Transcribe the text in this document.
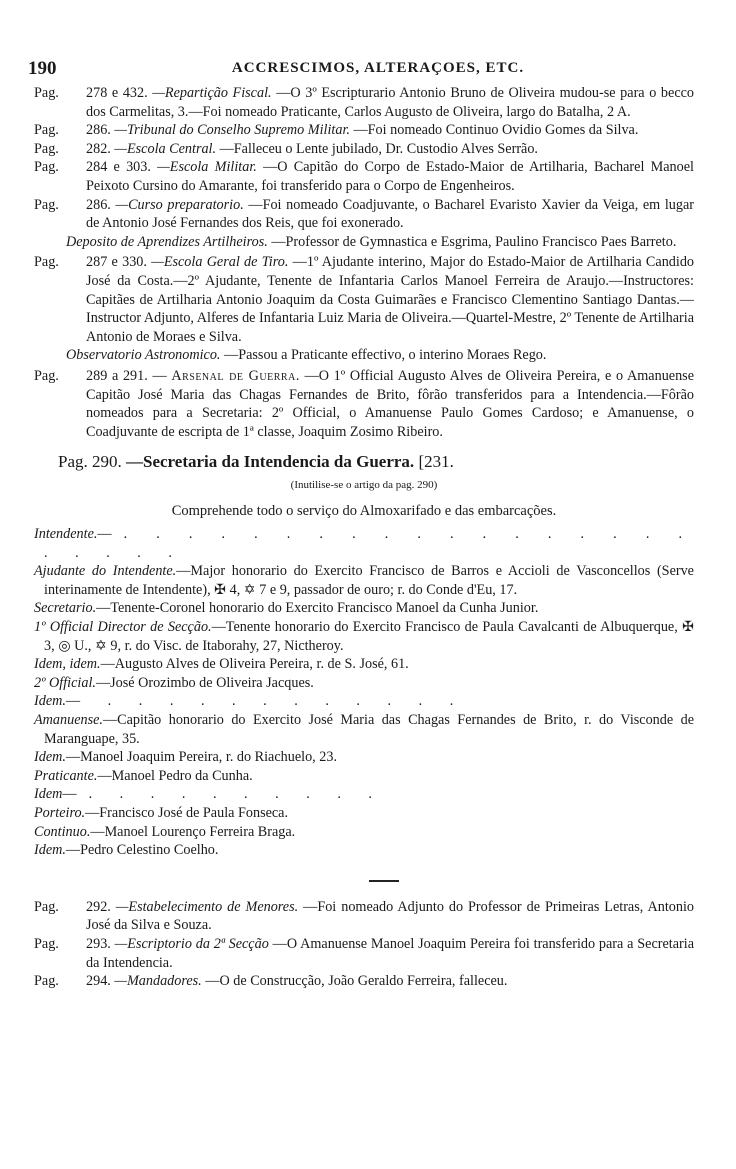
190	ACCRESCIMOS, ALTERAÇOES, ETC.

Pag. 278 e 432. —Repartição Fiscal. —O 3º Escripturario Antonio Bruno de Oliveira mudou-se para o becco dos Carmelitas, 3.—Foi nomeado Praticante, Carlos Augusto de Oliveira, largo do Batalha, 2 A.

Pag. 286. —Tribunal do Conselho Supremo Militar. —Foi nomeado Continuo Ovidio Gomes da Silva.

Pag. 282. —Escola Central. —Falleceu o Lente jubilado, Dr. Custodio Alves Serrão.

Pag. 284 e 303. —Escola Militar. —O Capitão do Corpo de Estado-Maior de Artilharia, Bacharel Manoel Peixoto Cursino do Amarante, foi transferido para o Corpo de Engenheiros.

Pag. 286. —Curso preparatorio. —Foi nomeado Coadjuvante, o Bacharel Evaristo Xavier da Veiga, em lugar de Antonio José Fernandes dos Reis, que foi exonerado.

Deposito de Aprendizes Artilheiros. —Professor de Gymnastica e Esgrima, Paulino Francisco Paes Barreto.

Pag. 287 e 330. —Escola Geral de Tiro. —1º Ajudante interino, Major do Estado-Maior de Artilharia Candido José da Costa.—2º Ajudante, Tenente de Infantaria Carlos Manoel Ferreira de Araujo.—Instructores: Capitães de Artilharia Antonio Joaquim da Costa Guimarães e Francisco Clementino Santiago Dantas.—Instructor Adjunto, Alferes de Infantaria Luiz Maria de Oliveira.—Quartel-Mestre, 2º Tenente de Artilharia Antonio de Moraes e Silva.

Observatorio Astronomico. —Passou a Praticante effectivo, o interino Moraes Rego.

Pag. 289 a 291. — Arsenal de Guerra. —O 1º Official Augusto Alves de Oliveira Pereira, e o Amanuense Capitão José Maria das Chagas Fernandes de Brito, fôrão transferidos para a Intendencia.—Fôrão nomeados para a Secretaria: 2º Official, o Amanuense Paulo Gomes Cardoso; e Amanuense, o Coadjuvante de escripta de 1ª classe, Joaquim Zosimo Ribeiro.

Pag. 290. —Secretaria da Intendencia da Guerra. [231.
(Inutilise-se o artigo da pag. 290)
Comprehende todo o serviço do Almoxarifado e das embarcações.

Intendente.—. . . . . . . . . . . . . . . . . . . . . . .

Ajudante do Intendente.—Major honorario do Exercito Francisco de Barros e Accioli de Vasconcellos (Serve interinamente de Intendente), ✠ 4, ✡ 7 e 9, passador de ouro; r. do Conde d'Eu, 17.

Secretario.—Tenente-Coronel honorario do Exercito Francisco Manoel da Cunha Junior.

1º Official Director de Secção.—Tenente honorario do Exercito Francisco de Paula Cavalcanti de Albuquerque, ✠ 3, ◎ U., ✡ 9, r. do Visc. de Itaborahy, 27, Nictheroy.

Idem, idem.—Augusto Alves de Oliveira Pereira, r. de S. José, 61.

2º Official.—José Orozimbo de Oliveira Jacques.

Idem.— . . . . . . . . . . . .

Amanuense.—Capitão honorario do Exercito José Maria das Chagas Fernandes de Brito, r. do Visconde de Maranguape, 35.

Idem.—Manoel Joaquim Pereira, r. do Riachuelo, 23.

Praticante.—Manoel Pedro da Cunha.

Idem—. . . . . . . . . .

Porteiro.—Francisco José de Paula Fonseca.

Continuo.—Manoel Lourenço Ferreira Braga.

Idem.—Pedro Celestino Coelho.

Pag. 292. —Estabelecimento de Menores. —Foi nomeado Adjunto do Professor de Primeiras Letras, Antonio José da Silva e Souza.

Pag. 293. —Escriptorio da 2ª Secção —O Amanuense Manoel Joaquim Pereira foi transferido para a Secretaria da Intendencia.

Pag. 294. —Mandadores. —O de Construcção, João Geraldo Ferreira, falleceu.
